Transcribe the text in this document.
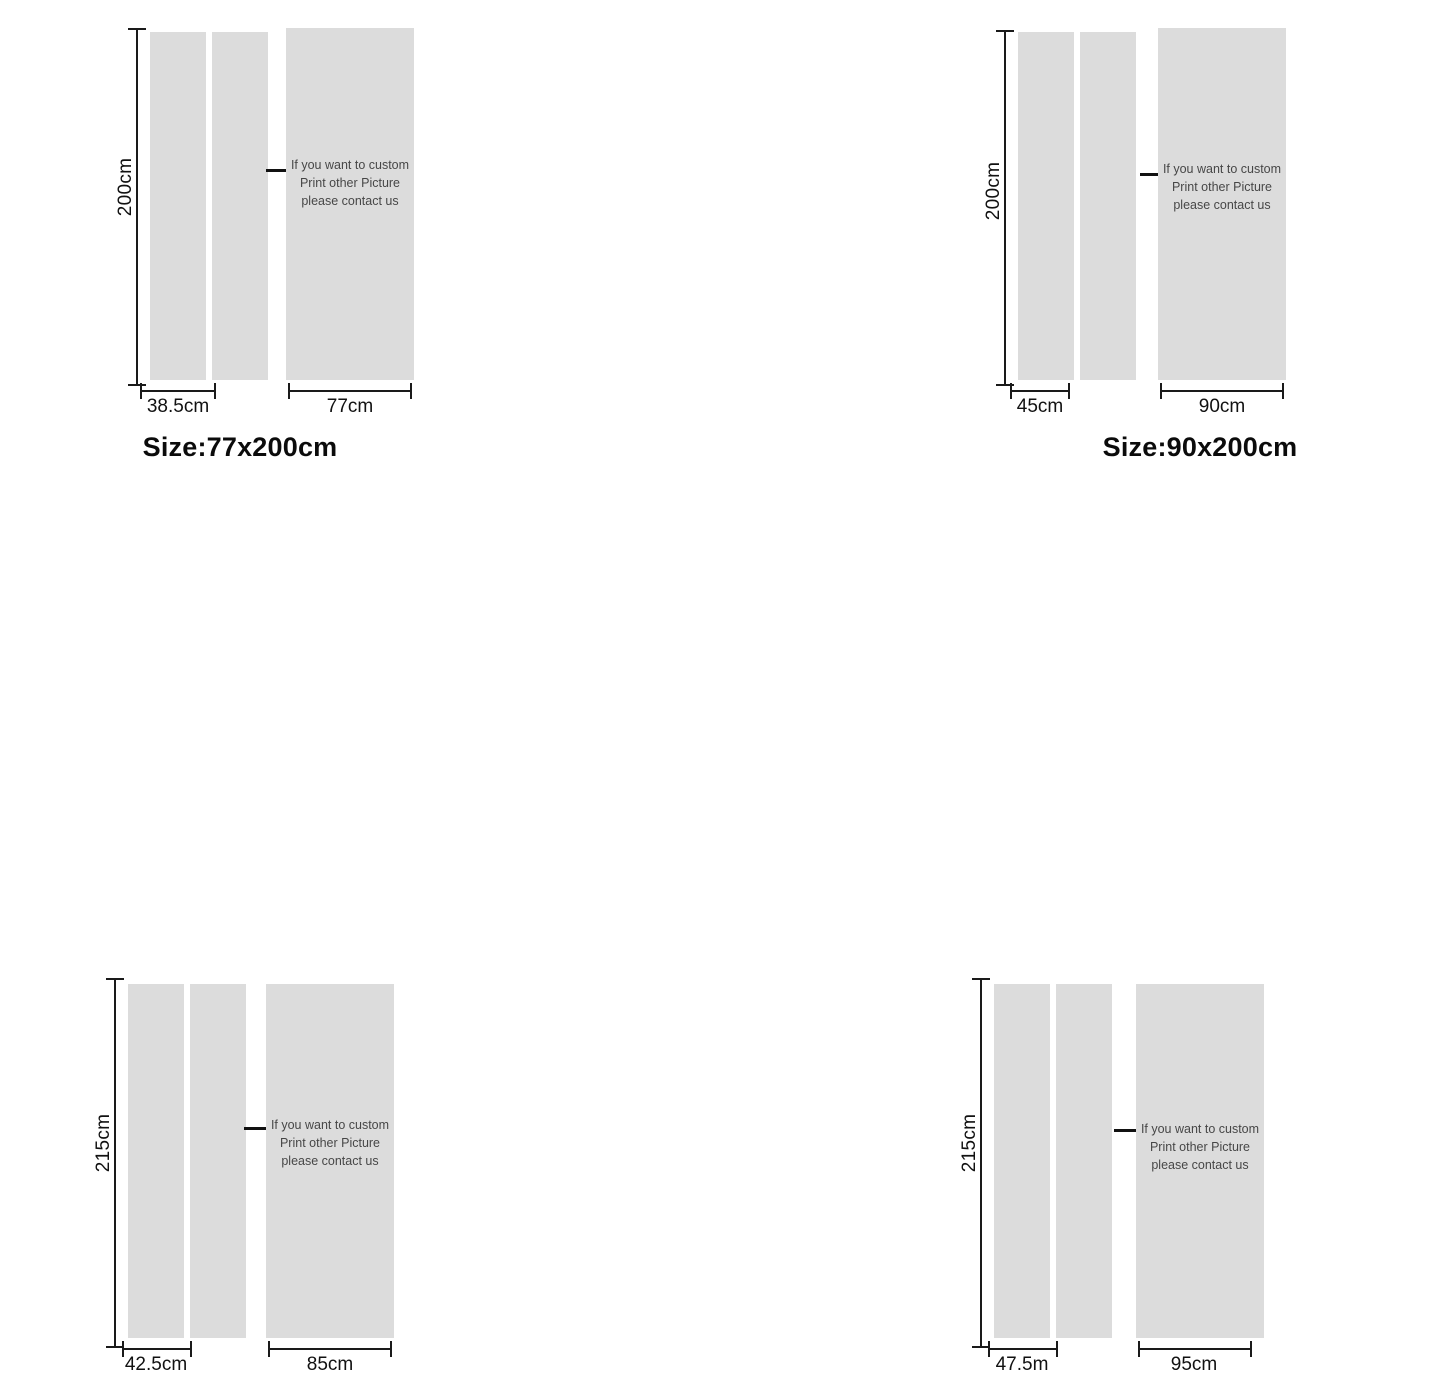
200cm	If you want to custom
Print other Picture
please contact us
38.5cm	77cm
Size:77x200cm
200cm	If you want to custom
Print other Picture
please contact us
45cm	90cm
Size:90x200cm
215cm	If you want to custom
Print other Picture
please contact us
42.5cm	85cm
215cm	If you want to custom
Print other Picture
please contact us
47.5m	95cm
